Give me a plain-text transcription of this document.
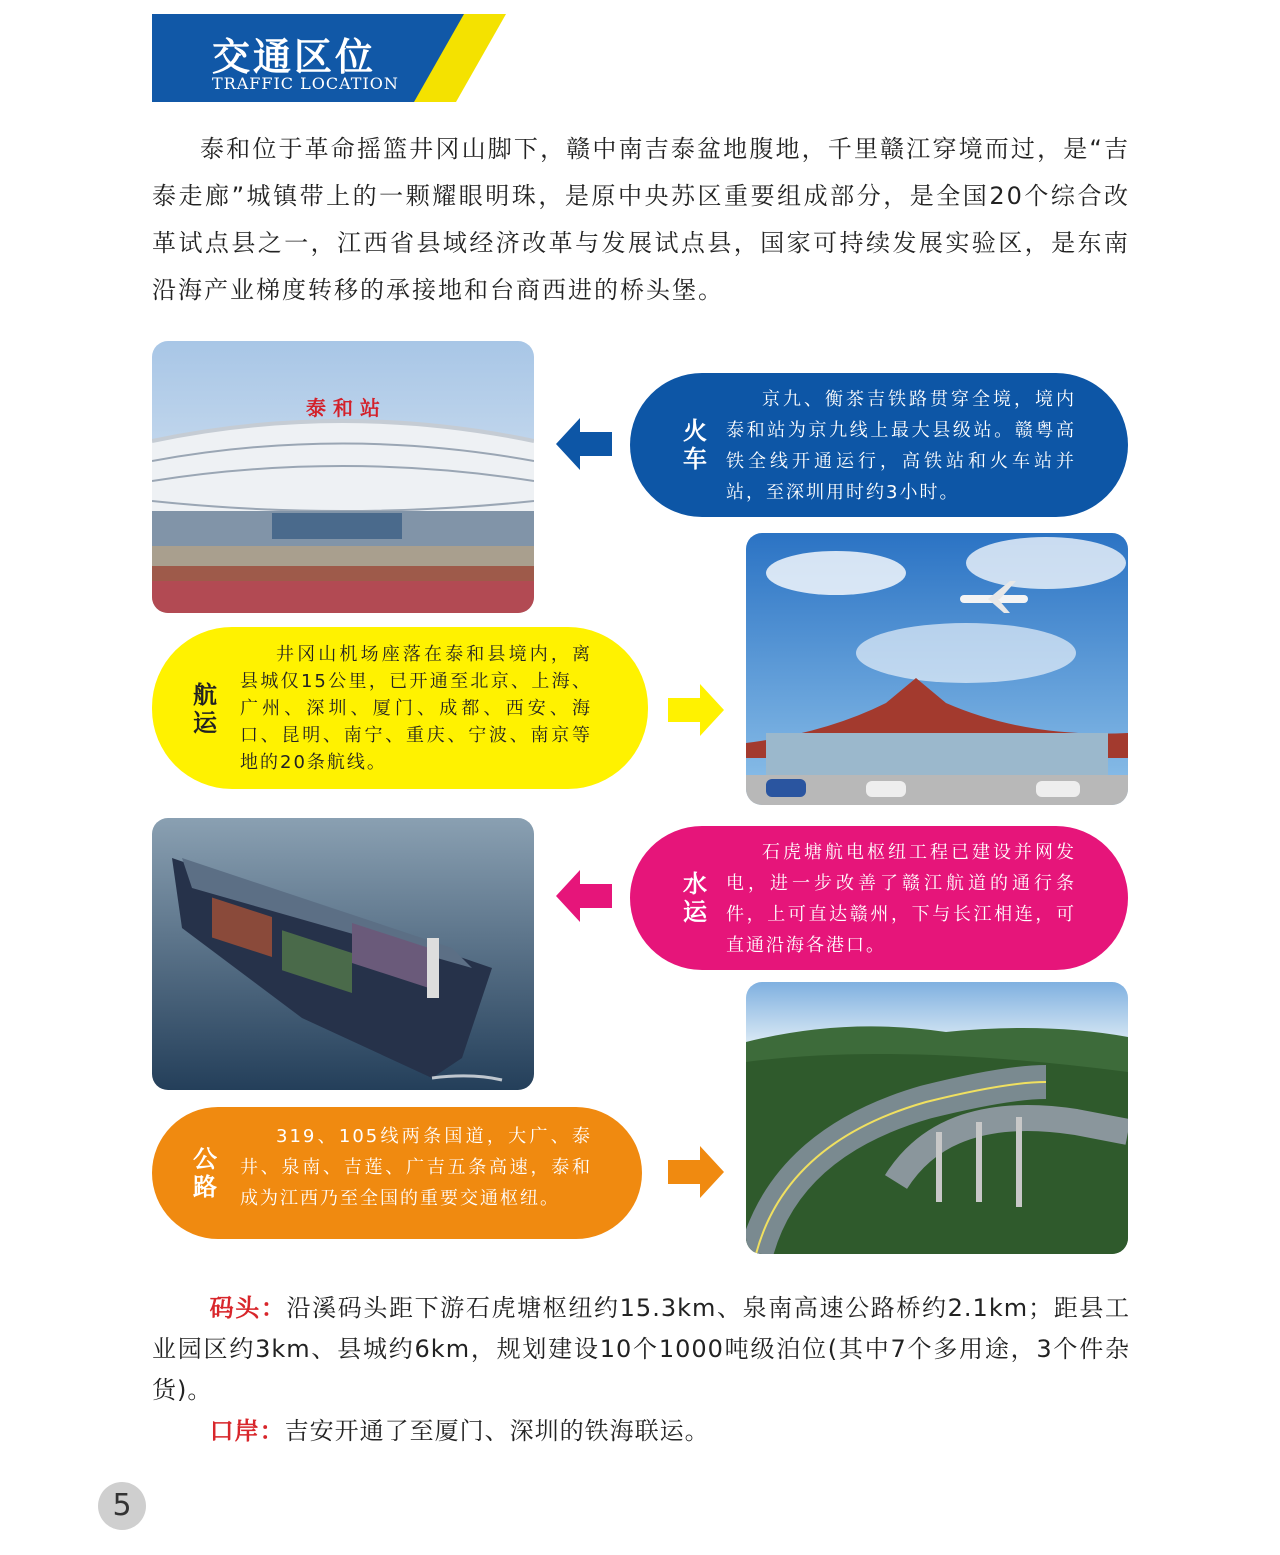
交通区位
TRAFFIC LOCATION

泰和位于革命摇篮井冈山脚下，赣中南吉泰盆地腹地，千里赣江穿境而过，是“吉泰走廊”城镇带上的一颗耀眼明珠，是原中央苏区重要组成部分，是全国20个综合改革试点县之一，江西省县域经济改革与发展试点县，国家可持续发展实验区，是东南沿海产业梯度转移的承接地和台商西进的桥头堡。

泰 和 站
火车
京九、衡茶吉铁路贯穿全境，境内泰和站为京九线上最大县级站。赣粤高铁全线开通运行，高铁站和火车站并站，至深圳用时约3小时。
航运
井冈山机场座落在泰和县境内，离县城仅15公里，已开通至北京、上海、广州、深圳、厦门、成都、西安、海口、昆明、南宁、重庆、宁波、南京等地的20条航线。
水运
石虎塘航电枢纽工程已建设并网发电，进一步改善了赣江航道的通行条件，上可直达赣州，下与长江相连，可直通沿海各港口。
公路
319、105线两条国道，大广、泰井、泉南、吉莲、广吉五条高速，泰和成为江西乃至全国的重要交通枢纽。

码头：沿溪码头距下游石虎塘枢纽约15.3km、泉南高速公路桥约2.1km；距县工业园区约3km、县城约6km，规划建设10个1000吨级泊位(其中7个多用途，3个件杂货)。

口岸：吉安开通了至厦门、深圳的铁海联运。

5
